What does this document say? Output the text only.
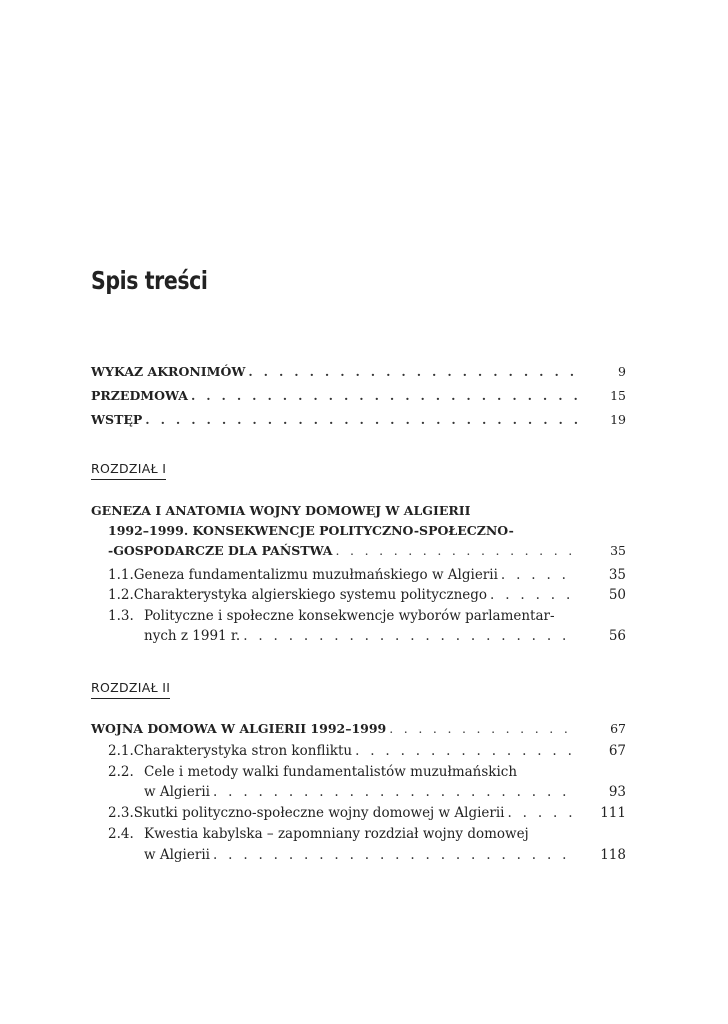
Spis treści
WYKAZ AKRONIMÓW . . .	9
PRZEDMOWA . . .	15
WSTĘP . . .	19
ROZDZIAŁ I
GENEZA I ANATOMIA WOJNY DOMOWEJ W ALGIERII
1992–1999. KONSEKWENCJE POLITYCZNO-SPOŁECZNO-
-GOSPODARCZE DLA PAŃSTWA . . .	35
1.1. Geneza fundamentalizmu muzułmańskiego w Algierii . . .	35
1.2. Charakterystyka algierskiego systemu politycznego . . .	50
1.3. Polityczne i społeczne konsekwencje wyborów parlamentar-
nych z 1991 r. . . .	56
ROZDZIAŁ II
WOJNA DOMOWA W ALGIERII 1992–1999 . . .	67
2.1. Charakterystyka stron konfliktu . . .	67
2.2. Cele i metody walki fundamentalistów muzułmańskich
w Algierii . . .	93
2.3. Skutki polityczno-społeczne wojny domowej w Algierii . . .	111
2.4. Kwestia kabylska – zapomniany rozdział wojny domowej
w Algierii . . .	118
